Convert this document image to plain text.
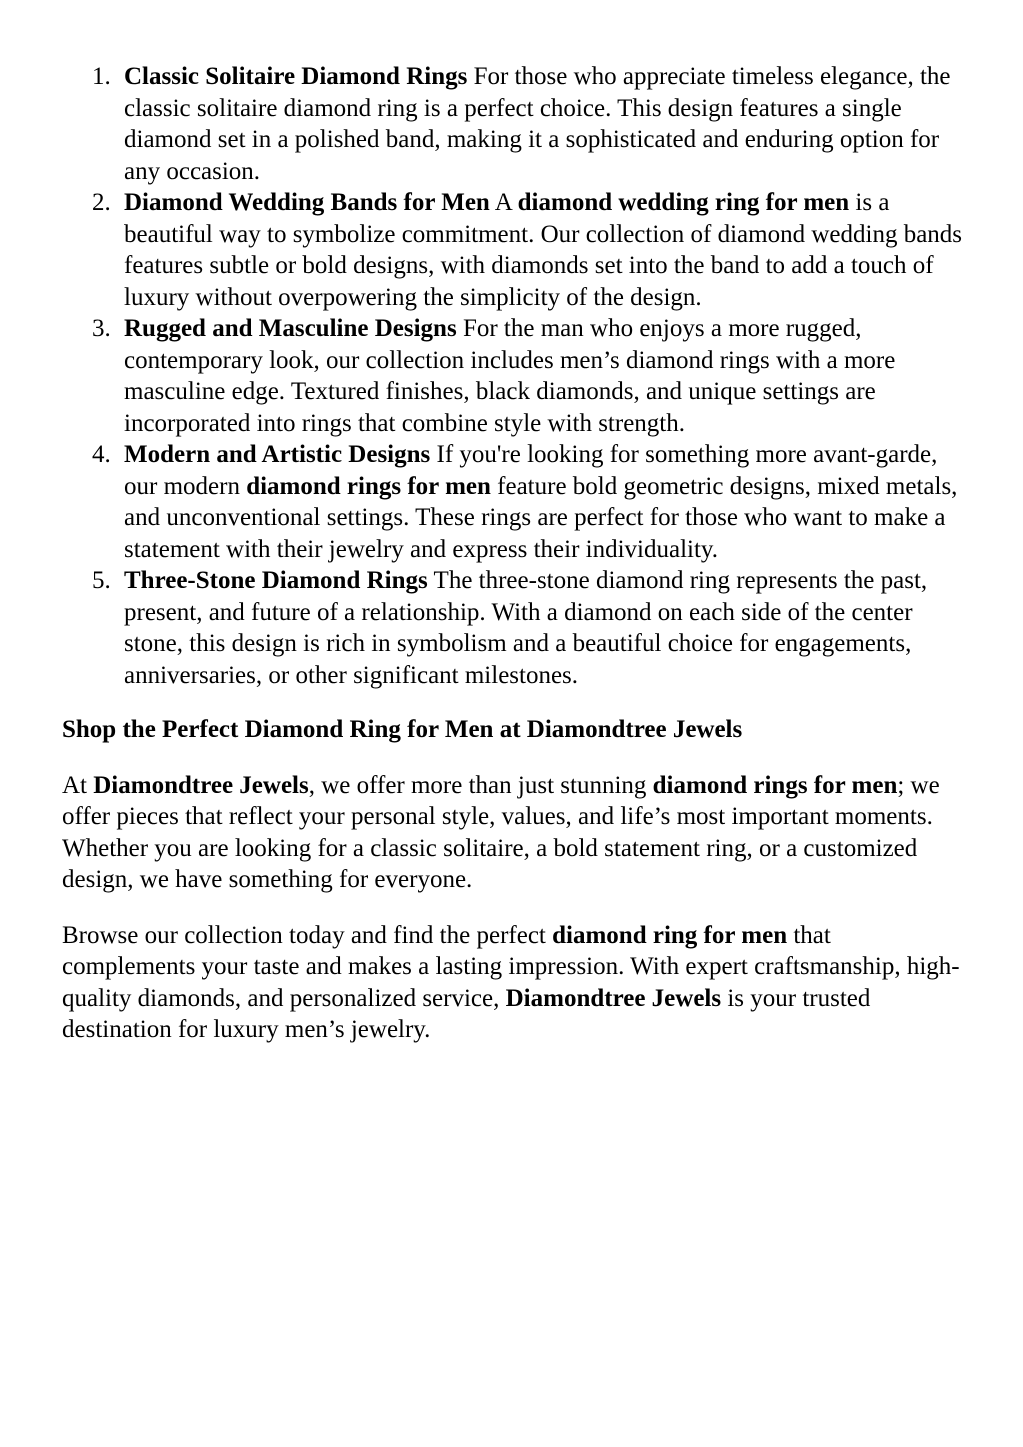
1. Classic Solitaire Diamond Rings For those who appreciate timeless elegance, the classic solitaire diamond ring is a perfect choice. This design features a single diamond set in a polished band, making it a sophisticated and enduring option for any occasion.
2. Diamond Wedding Bands for Men A diamond wedding ring for men is a beautiful way to symbolize commitment. Our collection of diamond wedding bands features subtle or bold designs, with diamonds set into the band to add a touch of luxury without overpowering the simplicity of the design.
3. Rugged and Masculine Designs For the man who enjoys a more rugged, contemporary look, our collection includes men’s diamond rings with a more masculine edge. Textured finishes, black diamonds, and unique settings are incorporated into rings that combine style with strength.
4. Modern and Artistic Designs If you're looking for something more avant-garde, our modern diamond rings for men feature bold geometric designs, mixed metals, and unconventional settings. These rings are perfect for those who want to make a statement with their jewelry and express their individuality.
5. Three-Stone Diamond Rings The three-stone diamond ring represents the past, present, and future of a relationship. With a diamond on each side of the center stone, this design is rich in symbolism and a beautiful choice for engagements, anniversaries, or other significant milestones.
Shop the Perfect Diamond Ring for Men at Diamondtree Jewels

At Diamondtree Jewels, we offer more than just stunning diamond rings for men; we offer pieces that reflect your personal style, values, and life’s most important moments. Whether you are looking for a classic solitaire, a bold statement ring, or a customized design, we have something for everyone.

Browse our collection today and find the perfect diamond ring for men that complements your taste and makes a lasting impression. With expert craftsmanship, high-quality diamonds, and personalized service, Diamondtree Jewels is your trusted destination for luxury men’s jewelry.
